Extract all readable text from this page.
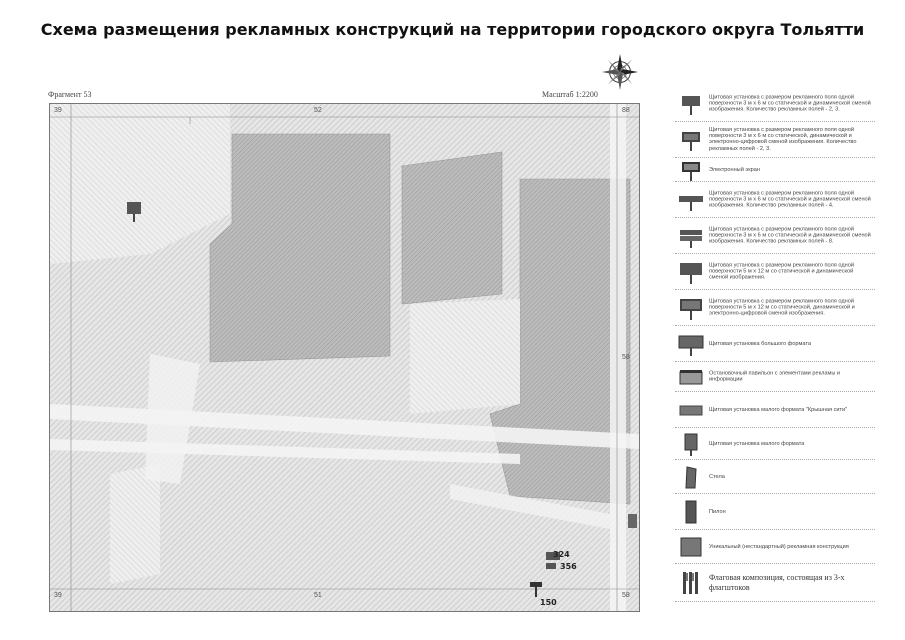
Схема размещения рекламных конструкций на территории городского округа Тольятти
Фрагмент 53	Масштаб 1:2200
39	52	88
58
39	51	58
324
356
150
Щитовая установка с размером рекламного поля одной поверхности 3 м х 6 м со статической и динамической сменой изображения. Количество рекламных полей - 2, 3.
Щитовая установка с размером рекламного поля одной поверхности 3 м х 6 м со статической, динамической и электронно-цифровой сменой изображения. Количество рекламных полей - 2, 3.
Электронный экран
Щитовая установка с размером рекламного поля одной поверхности 3 м х 6 м со статической и динамической сменой изображения. Количество рекламных полей - 4.
Щитовая установка с размером рекламного поля одной поверхности 3 м х 6 м со статической и динамической сменой изображения. Количество рекламных полей - 8.
Щитовая установка с размером рекламного поля одной поверхности 5 м х 12 м со статической и динамической сменой изображения.
Щитовая установка с размером рекламного поля одной поверхности 5 м х 12 м со статической, динамической и электронно-цифровой сменой изображения.
Щитовая установка большого формата
Остановочный павильон с элементами рекламы и информации
Щитовая установка малого формата "Крышная сити"
Щитовая установка малого формата
Стела
Пилон
Уникальный (нестандартный) рекламная конструкция
Флаговая композиция, состоящая из 3-х флагштоков
